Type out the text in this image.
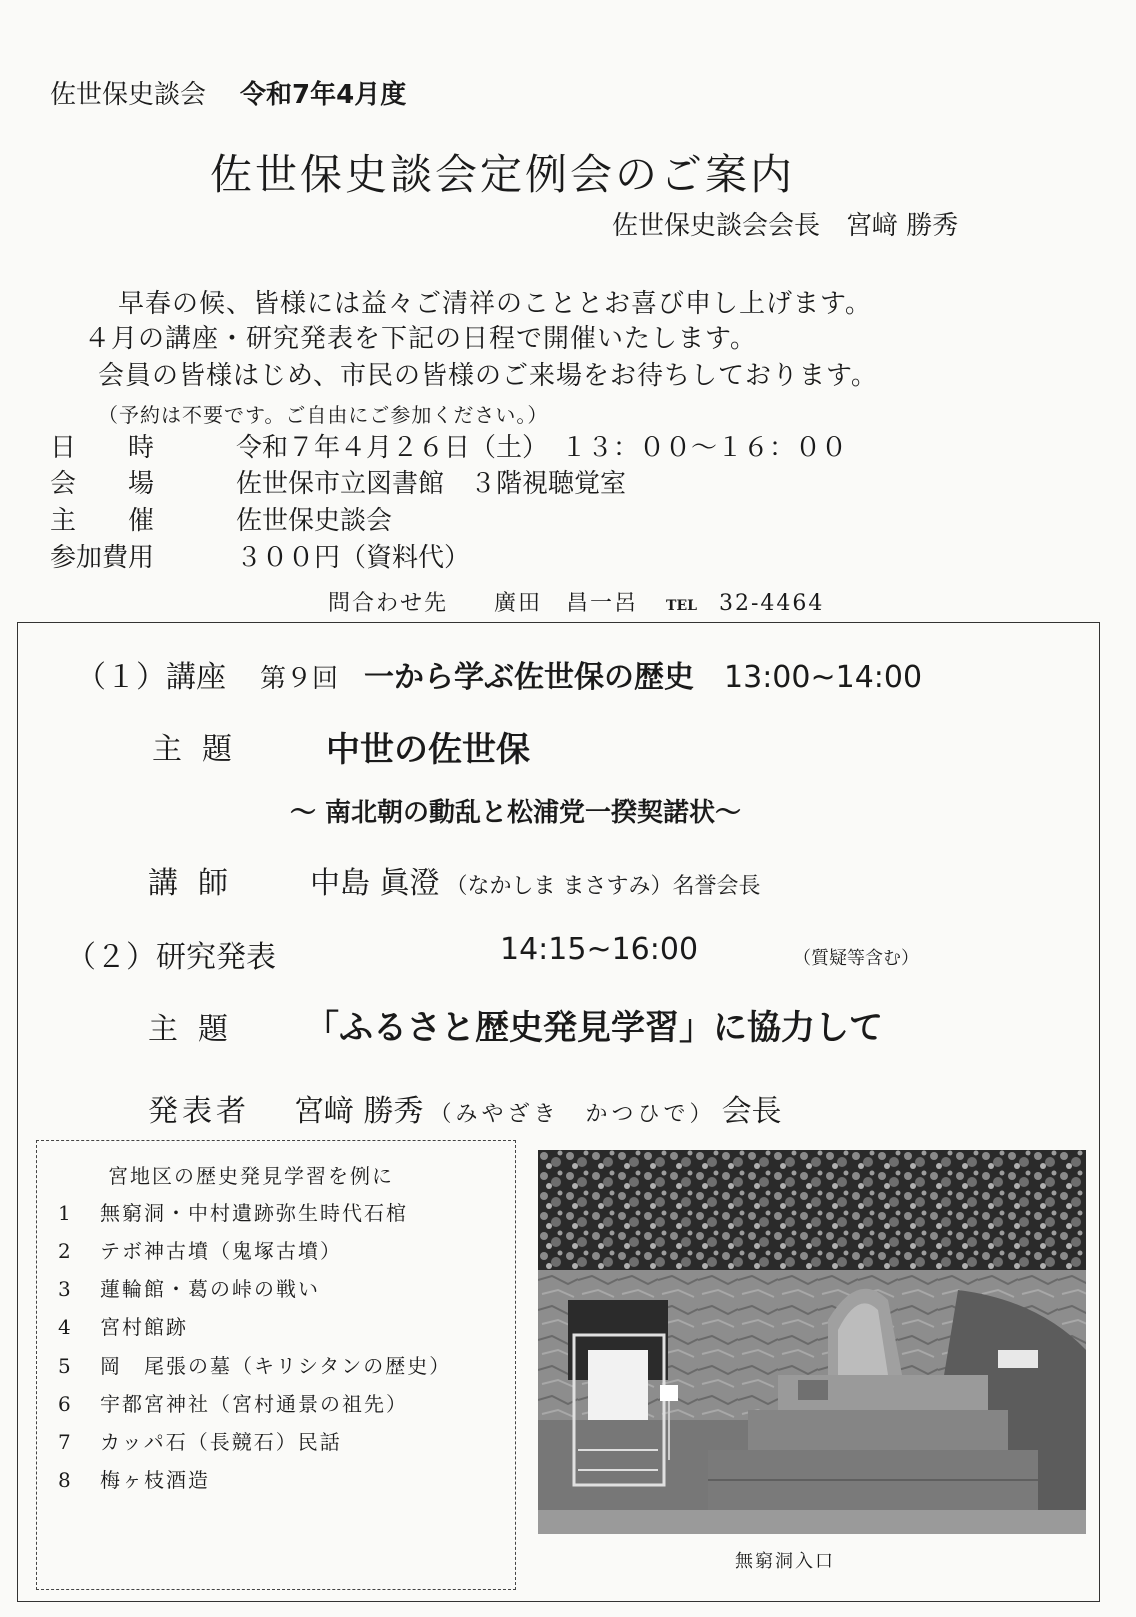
佐世保史談会 令和7年4月度
佐世保史談会定例会のご案内
佐世保史談会会長　宮﨑 勝秀
早春の候、皆様には益々ご清祥のこととお喜び申し上げます。
４月の講座・研究発表を下記の日程で開催いたします。
会員の皆様はじめ、市民の皆様のご来場をお待ちしております。
（予約は不要です。ご自由にご参加ください。）
日　　時	令和７年４月２６日（土）　１３：００～１６：００
会　　場	佐世保市立図書館　３階視聴覚室
主　　催	佐世保史談会
参加費用	３００円（資料代）
問合わせ先 廣田　昌一呂 TEL 32-4464
（１）講座 第９回 一から学ぶ佐世保の歴史 13:00~14:00
主題 中世の佐世保
～ 南北朝の動乱と松浦党一揆契諾状～
講師 中島 眞澄 （なかしま まさすみ）名誉会長
（２）研究発表	14:15~16:00	（質疑等含む）
主題 「ふるさと歴史発見学習」に協力して
発表者 宮﨑 勝秀 （みやざき　かつひで） 会長
宮地区の歴史発見学習を例に
1 無窮洞・中村遺跡弥生時代石棺
2 テボ神古墳（鬼塚古墳）
3 蓮輪館・葛の峠の戦い
4 宮村館跡
5 岡　尾張の墓（キリシタンの歴史）
6 宇都宮神社（宮村通景の祖先）
7 カッパ石（長競石）民話
8 梅ヶ枝酒造
無窮洞入口
